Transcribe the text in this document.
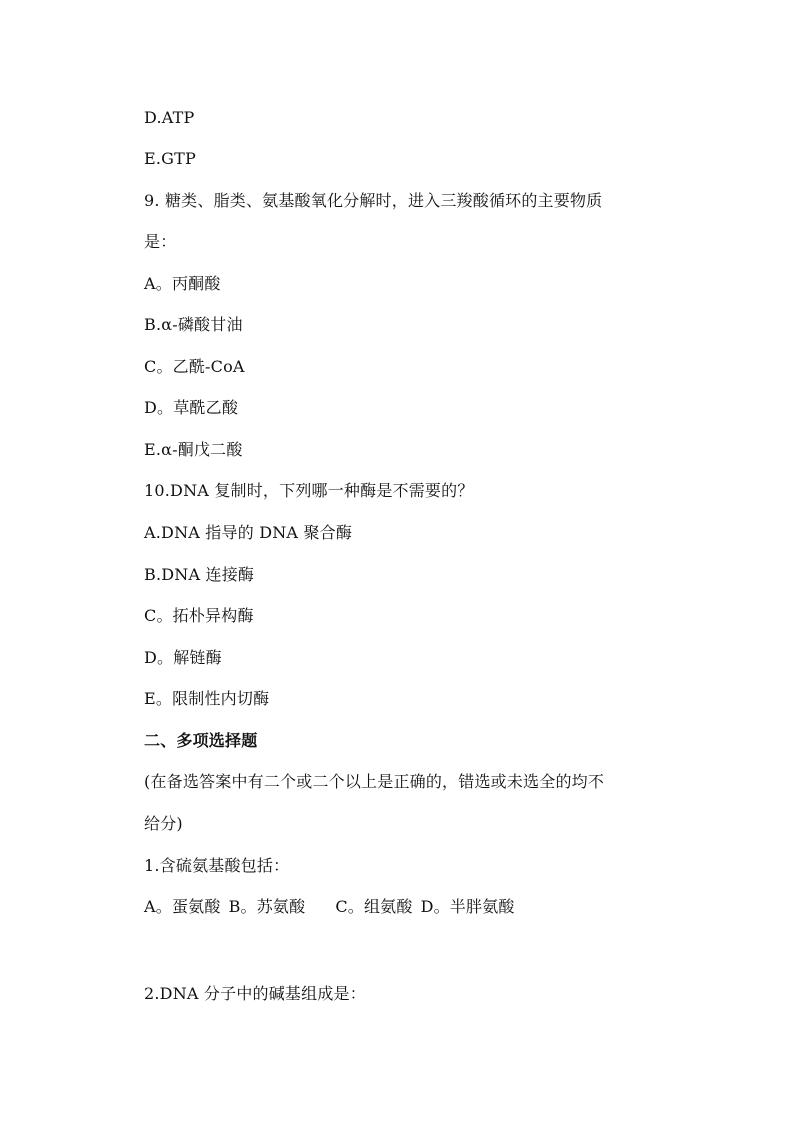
D.ATP
E.GTP
9. 糖类、脂类、氨基酸氧化分解时，进入三羧酸循环的主要物质
是：
A。丙酮酸
B.α-磷酸甘油
C。乙酰-CoA
D。草酰乙酸
E.α-酮戊二酸
10.DNA 复制时，下列哪一种酶是不需要的？
A.DNA 指导的 DNA 聚合酶
B.DNA 连接酶
C。拓朴异构酶
D。解链酶
E。限制性内切酶
二、多项选择题
(在备选答案中有二个或二个以上是正确的，错选或未选全的均不
给分)
1.含硫氨基酸包括：
A。蛋氨酸 B。苏氨酸 C。组氨酸 D。半胖氨酸
2.DNA 分子中的碱基组成是：
